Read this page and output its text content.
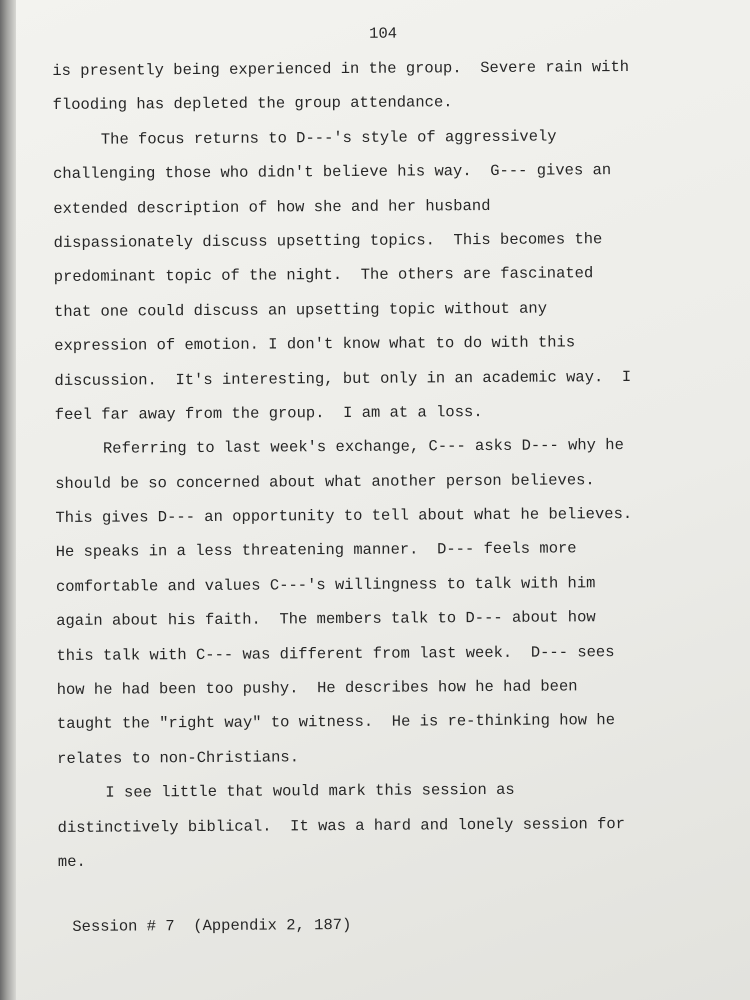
104
is presently being experienced in the group.  Severe rain with
flooding has depleted the group attendance.
The focus returns to D---'s style of aggressively
challenging those who didn't believe his way.  G--- gives an
extended description of how she and her husband
dispassionately discuss upsetting topics.  This becomes the
predominant topic of the night.  The others are fascinated
that one could discuss an upsetting topic without any
expression of emotion. I don't know what to do with this
discussion.  It's interesting, but only in an academic way.  I
feel far away from the group.  I am at a loss.
Referring to last week's exchange, C--- asks D--- why he
should be so concerned about what another person believes.
This gives D--- an opportunity to tell about what he believes.
He speaks in a less threatening manner.  D--- feels more
comfortable and values C---'s willingness to talk with him
again about his faith.  The members talk to D--- about how
this talk with C--- was different from last week.  D--- sees
how he had been too pushy.  He describes how he had been
taught the "right way" to witness.  He is re-thinking how he
relates to non-Christians.
I see little that would mark this session as
distinctively biblical.  It was a hard and lonely session for
me.
Session # 7  (Appendix 2, 187)
